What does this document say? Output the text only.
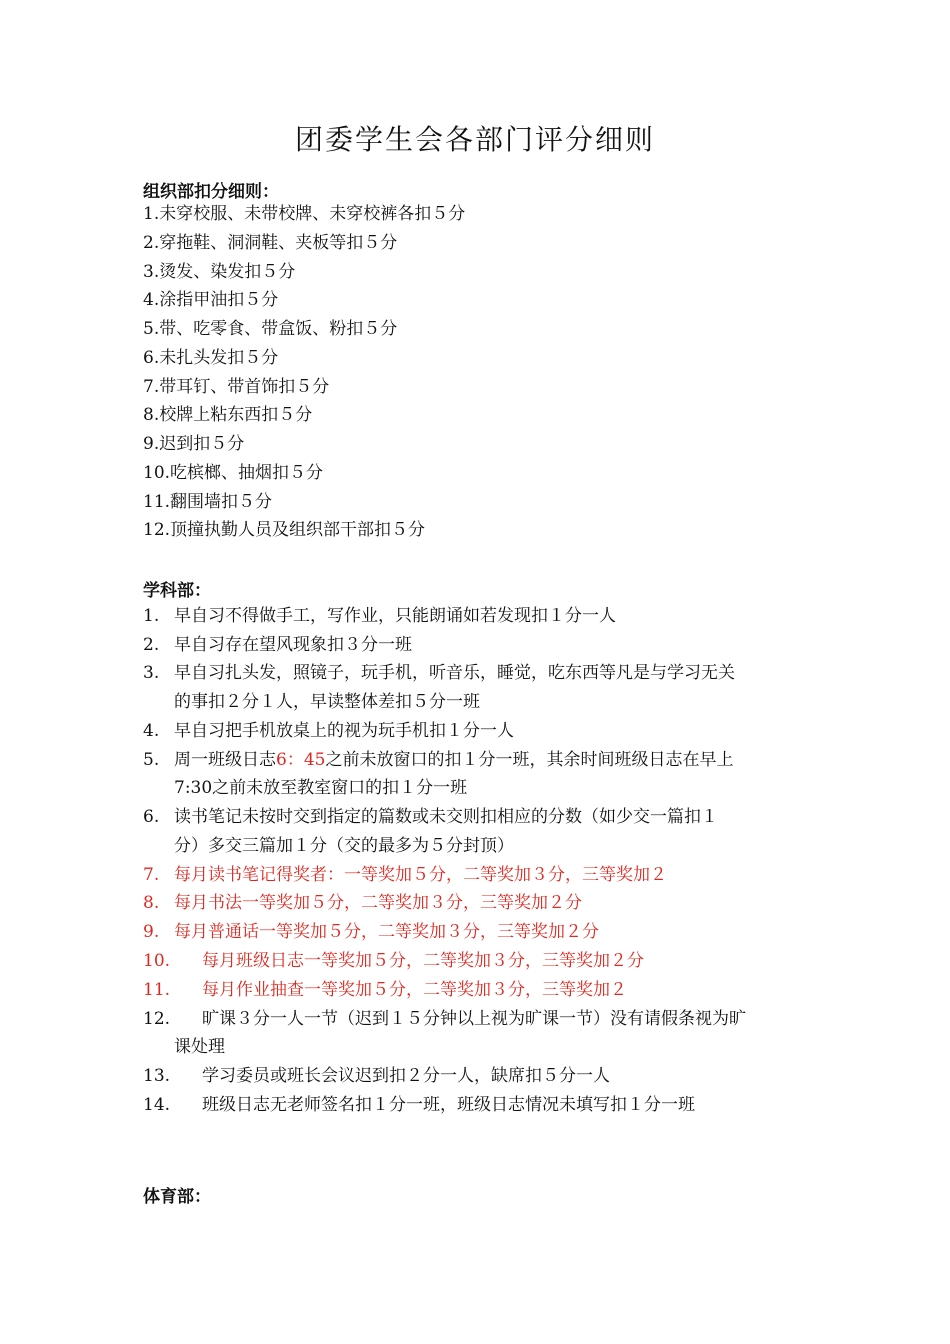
团委学生会各部门评分细则
组织部扣分细则：
1.未穿校服、未带校牌、未穿校裤各扣５分
2.穿拖鞋、洞洞鞋、夹板等扣５分
3.烫发、染发扣５分
4.涂指甲油扣５分
5.带、吃零食、带盒饭、粉扣５分
6.未扎头发扣５分
7.带耳钉、带首饰扣５分
8.校牌上粘东西扣５分
9.迟到扣５分
10.吃槟榔、抽烟扣５分
11.翻围墙扣５分
12.顶撞执勤人员及组织部干部扣５分
学科部：
1. 早自习不得做手工，写作业，只能朗诵如若发现扣１分一人
2. 早自习存在望风现象扣３分一班
3. 早自习扎头发，照镜子，玩手机，听音乐，睡觉，吃东西等凡是与学习无关
的事扣２分１人，早读整体差扣５分一班
4. 早自习把手机放桌上的视为玩手机扣１分一人
5. 周一班级日志6：45之前未放窗口的扣１分一班，其余时间班级日志在早上
7:30之前未放至教室窗口的扣１分一班
6. 读书笔记未按时交到指定的篇数或未交则扣相应的分数（如少交一篇扣１
分）多交三篇加１分（交的最多为５分封顶）
7. 每月读书笔记得奖者：一等奖加５分，二等奖加３分，三等奖加２
8. 每月书法一等奖加５分，二等奖加３分，三等奖加２分
9. 每月普通话一等奖加５分，二等奖加３分，三等奖加２分
10. 每月班级日志一等奖加５分，二等奖加３分，三等奖加２分
11. 每月作业抽查一等奖加５分，二等奖加３分，三等奖加２
12. 旷课３分一人一节（迟到１５分钟以上视为旷课一节）没有请假条视为旷
课处理
13. 学习委员或班长会议迟到扣２分一人，缺席扣５分一人
14. 班级日志无老师签名扣１分一班，班级日志情况未填写扣１分一班
体育部：
